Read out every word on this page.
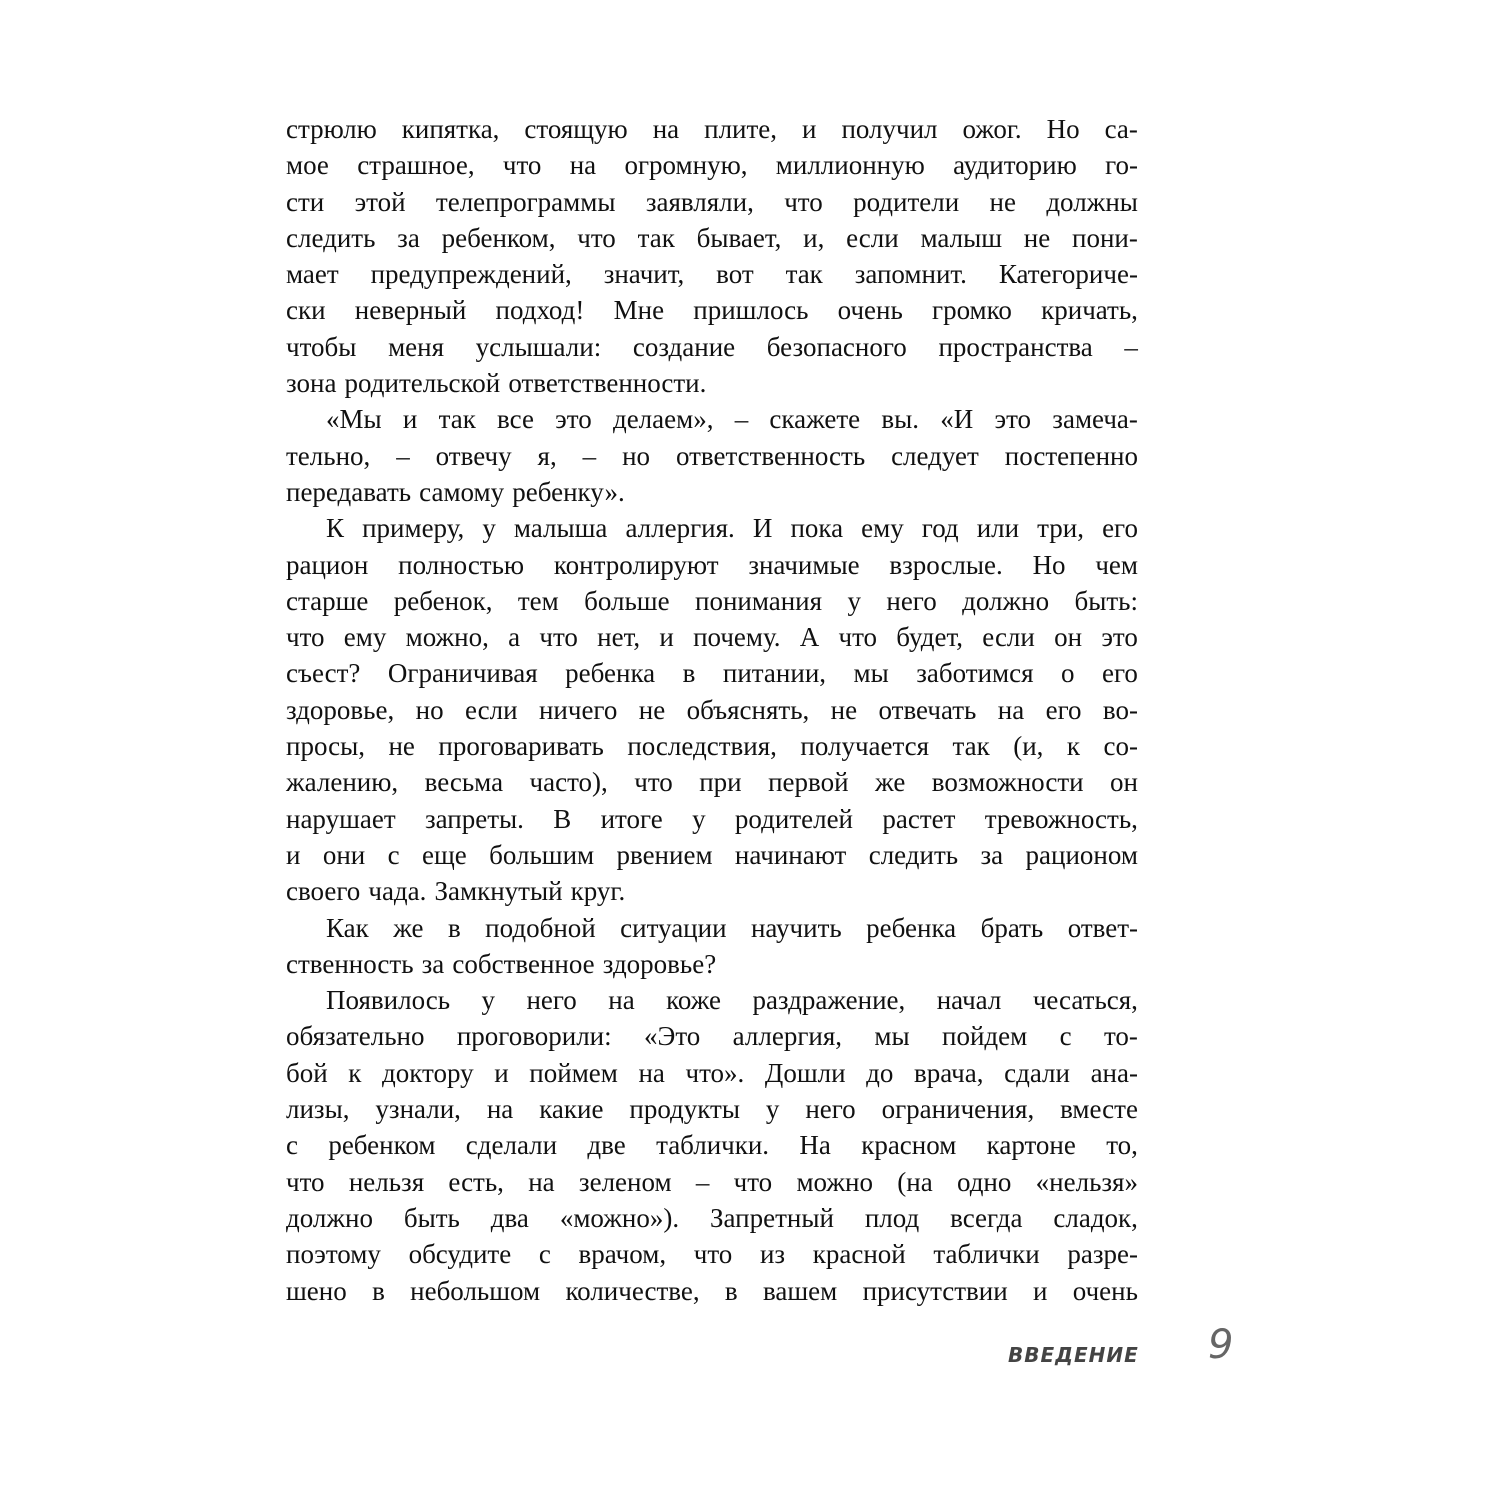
стрюлю кипятка, стоящую на плите, и получил ожог. Но са-
мое страшное, что на огромную, миллионную аудиторию го-
сти этой телепрограммы заявляли, что родители не должны
следить за ребенком, что так бывает, и, если малыш не пони-
мает предупреждений, значит, вот так запомнит. Категориче-
ски неверный подход! Мне пришлось очень громко кричать,
чтобы меня услышали: создание безопасного пространства –
зона родительской ответственности.
«Мы и так все это делаем», – скажете вы. «И это замеча-
тельно, – отвечу я, – но ответственность следует постепенно
передавать самому ребенку».
К примеру, у малыша аллергия. И пока ему год или три, его
рацион полностью контролируют значимые взрослые. Но чем
старше ребенок, тем больше понимания у него должно быть:
что ему можно, а что нет, и почему. А что будет, если он это
съест? Ограничивая ребенка в питании, мы заботимся о его
здоровье, но если ничего не объяснять, не отвечать на его во-
просы, не проговаривать последствия, получается так (и, к со-
жалению, весьма часто), что при первой же возможности он
нарушает запреты. В итоге у родителей растет тревожность,
и они с еще большим рвением начинают следить за рационом
своего чада. Замкнутый круг.
Как же в подобной ситуации научить ребенка брать ответ-
ственность за собственное здоровье?
Появилось у него на коже раздражение, начал чесаться,
обязательно проговорили: «Это аллергия, мы пойдем с то-
бой к доктору и поймем на что». Дошли до врача, сдали ана-
лизы, узнали, на какие продукты у него ограничения, вместе
с ребенком сделали две таблички. На красном картоне то,
что нельзя есть, на зеленом – что можно (на одно «нельзя»
должно быть два «можно»). Запретный плод всегда сладок,
поэтому обсудите с врачом, что из красной таблички разре-
шено в небольшом количестве, в вашем присутствии и очень
ВВЕДЕНИЕ 9
